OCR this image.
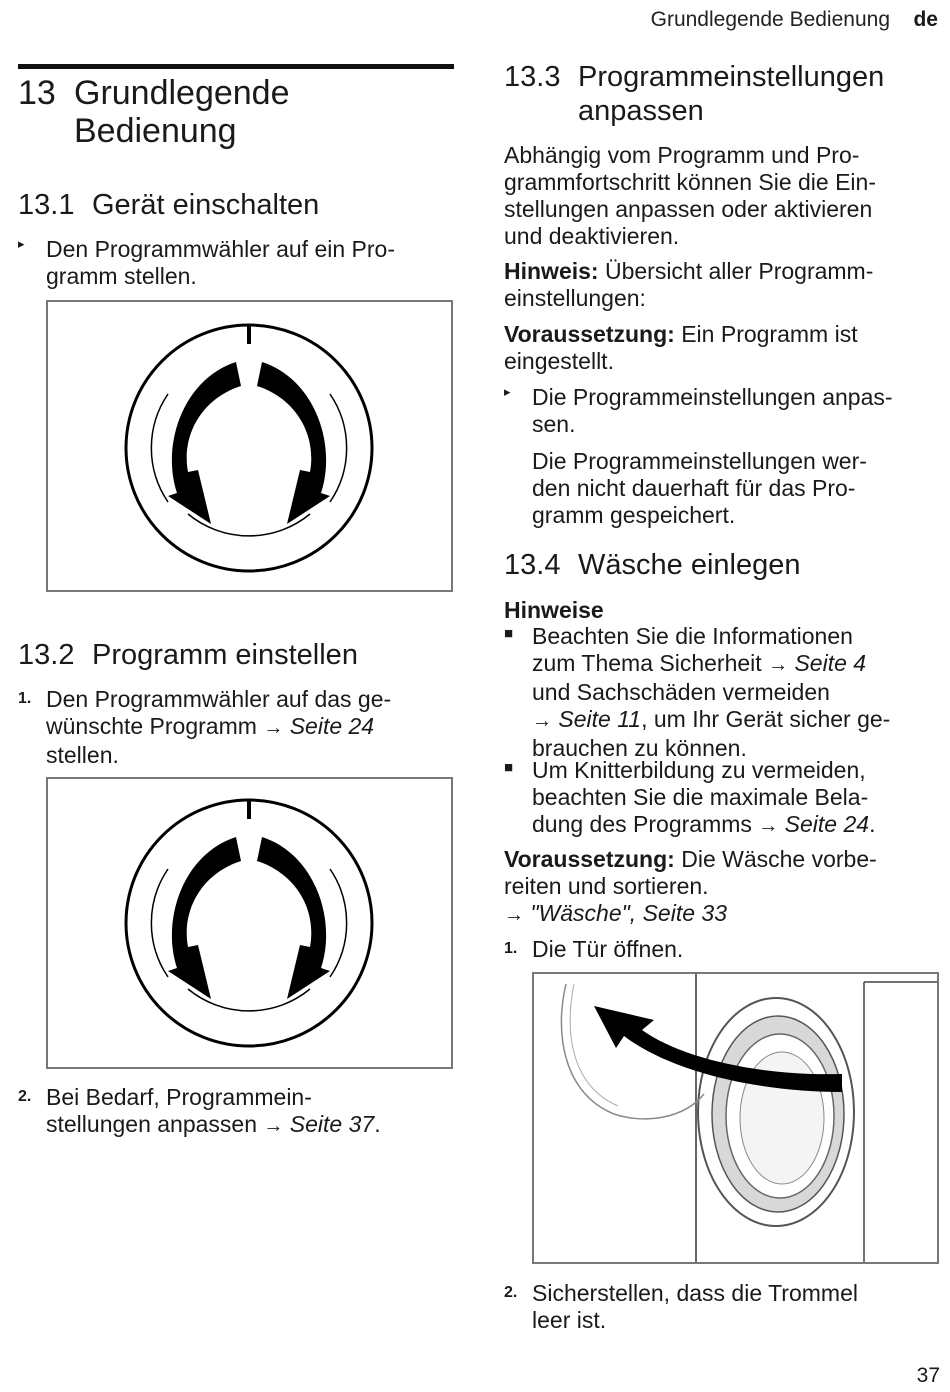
Grundlegende Bedienung de
13 Grundlegende
Bedienung
13.1 Gerät einschalten
▸ Den Programmwähler auf ein Pro-

gramm stellen.

13.2 Programm einstellen
1. Den Programmwähler auf das ge-

wünschte Programm → Seite 24

stellen.

2. Bei Bedarf, Programmein-

stellungen anpassen → Seite 37.

13.3 Programmeinstellungen
anpassen

Abhängig vom Programm und Pro-

grammfortschritt können Sie die Ein-

stellungen anpassen oder aktivieren

und deaktivieren.

Hinweis: Übersicht aller Programm-

einstellungen:

Voraussetzung: Ein Programm ist

eingestellt.

▸ Die Programmeinstellungen anpas-

sen.

Die Programmeinstellungen wer-

den nicht dauerhaft für das Pro-

gramm gespeichert.

13.4 Wäsche einlegen
Hinweise
■ Beachten Sie die Informationen

zum Thema Sicherheit → Seite 4

und Sachschäden vermeiden

→ Seite 11, um Ihr Gerät sicher ge-

brauchen zu können.

■ Um Knitterbildung zu vermeiden,

beachten Sie die maximale Bela-

dung des Programms → Seite 24.

Voraussetzung: Die Wäsche vorbe-

reiten und sortieren.

→ "Wäsche", Seite 33

1. Die Tür öffnen.

2. Sicherstellen, dass die Trommel

leer ist.

37
